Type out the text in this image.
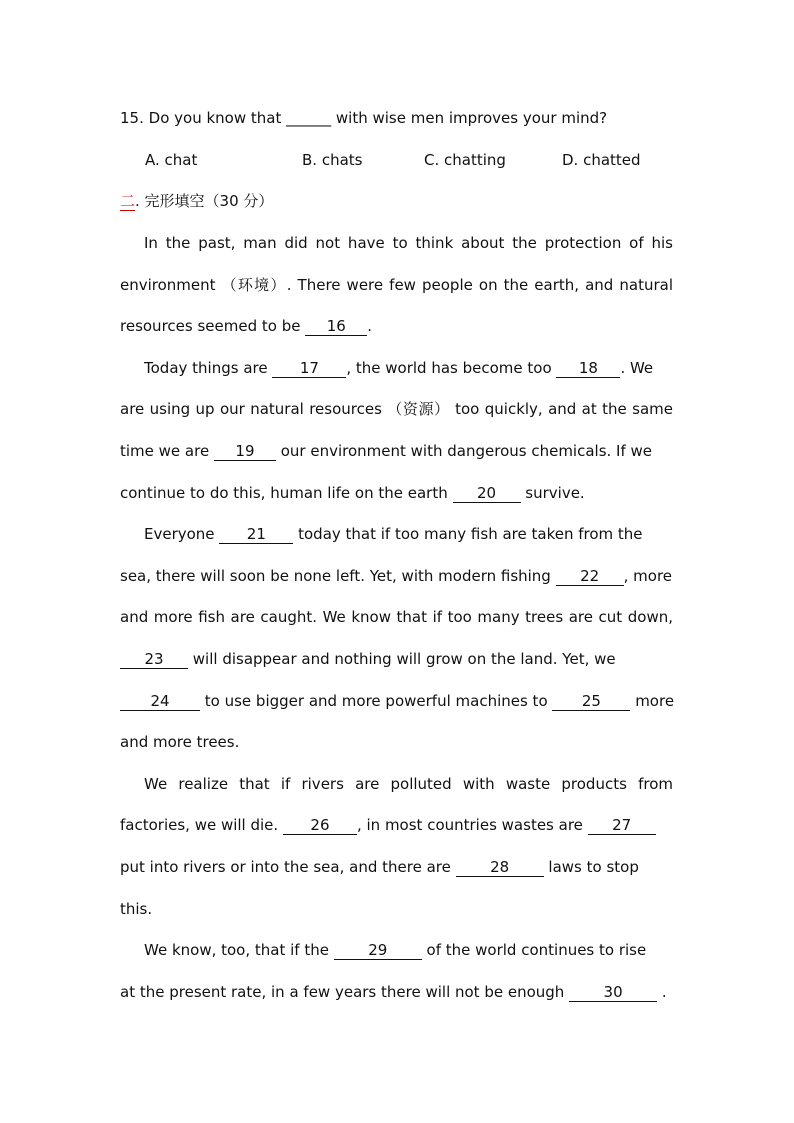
15. Do you know that ______ with wise men improves your mind?
A. chat	B. chats	C. chatting	D. chatted
二. 完形填空（30 分）
In the past, man did not have to think about the protection of his
environment （环境）. There were few people on the earth, and natural
resources seemed to be 16 .
Today things are 17 , the world has become too 18 . We
are using up our natural resources （资源） too quickly, and at the same
time we are 19 our environment with dangerous chemicals. If we
continue to do this, human life on the earth 20 survive.
Everyone 21 today that if too many fish are taken from the
sea, there will soon be none left. Yet, with modern fishing 22 , more
and more fish are caught. We know that if too many trees are cut down,
23 will disappear and nothing will grow on the land. Yet, we
24 to use bigger and more powerful machines to 25 more
and more trees.
We realize that if rivers are polluted with waste products from
factories, we will die. 26 , in most countries wastes are 27
put into rivers or into the sea, and there are	28	laws to stop
this.
We know, too, that if the	29	of the world continues to rise
at the present rate, in a few years there will not be enough	30	.
